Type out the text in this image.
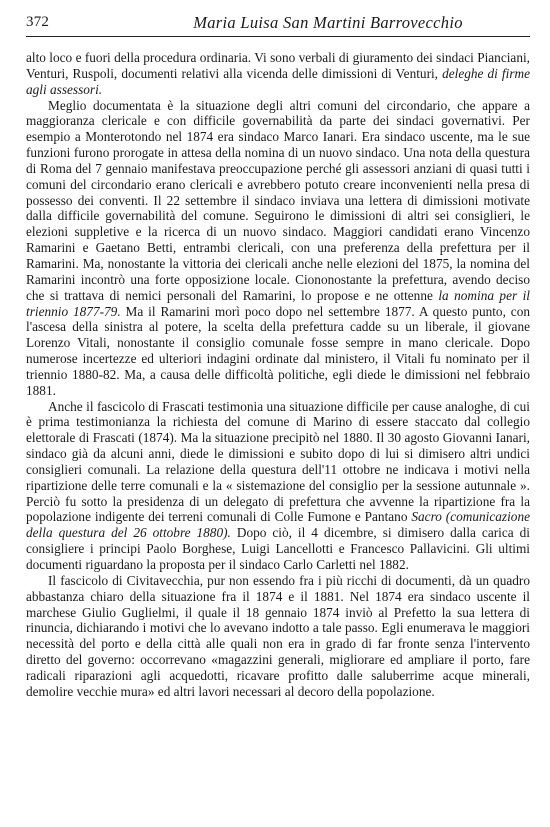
372	Maria Luisa San Martini Barrovecchio

alto loco e fuori della procedura ordinaria. Vi sono verbali di giuramento dei sindaci Pianciani, Venturi, Ruspoli, documenti relativi alla vicenda delle dimissioni di Venturi, deleghe di firme agli assessori.

Meglio documentata è la situazione degli altri comuni del circondario, che appare a maggioranza clericale e con difficile governabilità da parte dei sindaci governativi. Per esempio a Monterotondo nel 1874 era sindaco Marco Ianari. Era sindaco uscente, ma le sue funzioni furono prorogate in attesa della nomina di un nuovo sindaco. Una nota della questura di Roma del 7 gennaio manifestava preoccupazione perché gli assessori anziani di quasi tutti i comuni del circondario erano clericali e avrebbero potuto creare inconvenienti nella presa di possesso dei conventi. Il 22 settembre il sindaco inviava una lettera di dimissioni motivate dalla difficile governabilità del comune. Seguirono le dimissioni di altri sei consiglieri, le elezioni suppletive e la ricerca di un nuovo sindaco. Maggiori candidati erano Vincenzo Ramarini e Gaetano Betti, entrambi clericali, con una preferenza della prefettura per il Ramarini. Ma, nonostante la vittoria dei clericali anche nelle elezioni del 1875, la nomina del Ramarini incontrò una forte opposizione locale. Ciononostante la prefettura, avendo deciso che si trattava di nemici personali del Ramarini, lo propose e ne ottenne la nomina per il triennio 1877-79. Ma il Ramarini morì poco dopo nel settembre 1877. A questo punto, con l'ascesa della sinistra al potere, la scelta della prefettura cadde su un liberale, il giovane Lorenzo Vitali, nonostante il consiglio comunale fosse sempre in mano clericale. Dopo numerose incertezze ed ulteriori indagini ordinate dal ministero, il Vitali fu nominato per il triennio 1880-82. Ma, a causa delle difficoltà politiche, egli diede le dimissioni nel febbraio 1881.

Anche il fascicolo di Frascati testimonia una situazione difficile per cause analoghe, di cui è prima testimonianza la richiesta del comune di Marino di essere staccato dal collegio elettorale di Frascati (1874). Ma la situazione precipitò nel 1880. Il 30 agosto Giovanni Ianari, sindaco già da alcuni anni, diede le dimissioni e subito dopo di lui si dimisero altri undici consiglieri comunali. La relazione della questura dell'11 ottobre ne indicava i motivi nella ripartizione delle terre comunali e la « sistemazione del consiglio per la sessione autunnale ». Perciò fu sotto la presidenza di un delegato di prefettura che avvenne la ripartizione fra la popolazione indigente dei terreni comunali di Colle Fumone e Pantano Sacro (comunicazione della questura del 26 ottobre 1880). Dopo ciò, il 4 dicembre, si dimisero dalla carica di consigliere i principi Paolo Borghese, Luigi Lancellotti e Francesco Pallavicini. Gli ultimi documenti riguardano la proposta per il sindaco Carlo Carletti nel 1882.

Il fascicolo di Civitavecchia, pur non essendo fra i più ricchi di documenti, dà un quadro abbastanza chiaro della situazione fra il 1874 e il 1881. Nel 1874 era sindaco uscente il marchese Giulio Guglielmi, il quale il 18 gennaio 1874 inviò al Prefetto la sua lettera di rinuncia, dichiarando i motivi che lo avevano indotto a tale passo. Egli enumerava le maggiori necessità del porto e della città alle quali non era in grado di far fronte senza l'intervento diretto del governo: occorrevano «magazzini generali, migliorare ed ampliare il porto, fare radicali riparazioni agli acquedotti, ricavare profitto dalle saluberrime acque minerali, demolire vecchie mura» ed altri lavori necessari al decoro della popolazione.
